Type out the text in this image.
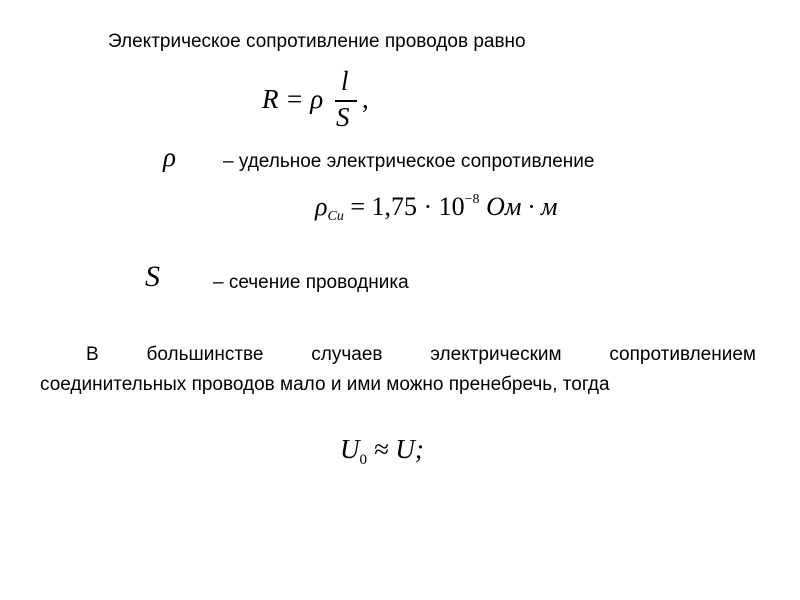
Электрическое сопротивление проводов равно
R = ρ
l
S
,
ρ – удельное электрическое сопротивление
$\rho_{Cu} = 1,75 \cdot 10^{-8}$ Ом · м
S	– сечение проводника
В большинстве случаев электрическим сопротивлением
соединительных проводов мало и ими можно пренебречь, тогда
$U_0 \approx U$;
